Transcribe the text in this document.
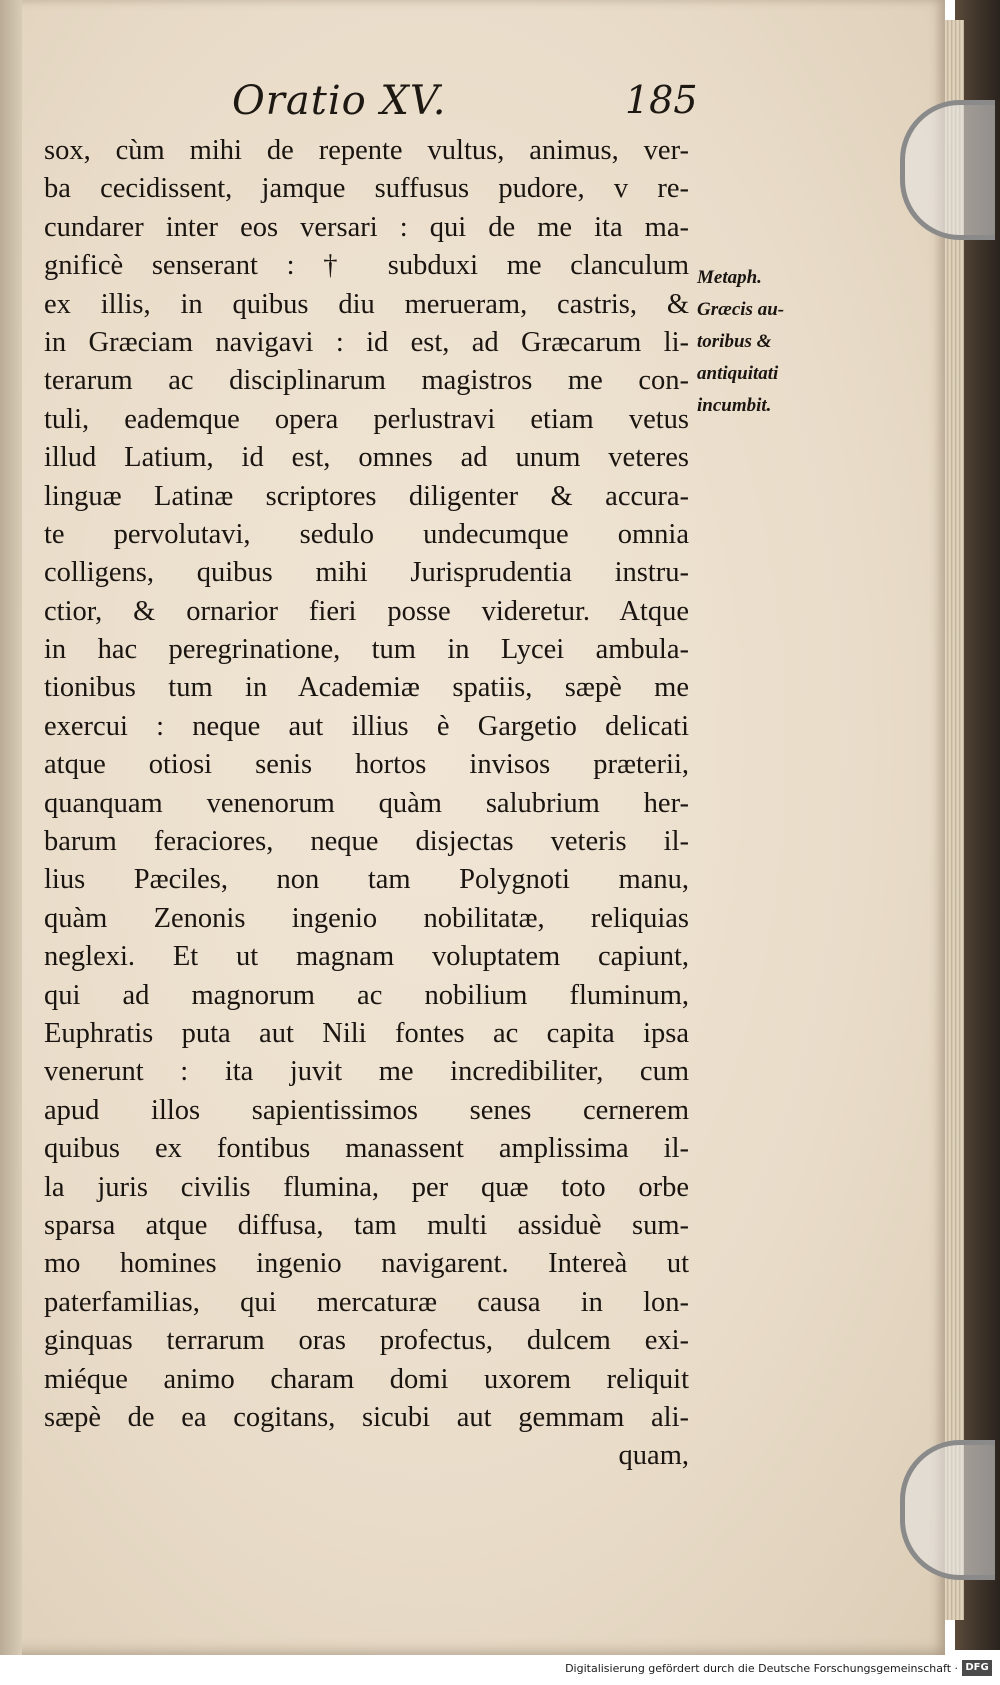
Oratio XV.	185
sox, cùm mihi de repente vultus, animus, ver-
ba cecidissent, jamque suffusus pudore, v re-
cundarer inter eos versari : qui de me ita ma-
gnificè senserant : † subduxi me clanculum
ex illis, in quibus diu merueram, castris, &
in Græciam navigavi : id est, ad Græcarum li-
terarum ac disciplinarum magistros me con-
tuli, eademque opera perlustravi etiam vetus
illud Latium, id est, omnes ad unum veteres
linguæ Latinæ scriptores diligenter & accura-
te pervolutavi, sedulo undecumque omnia
colligens, quibus mihi Jurisprudentia instru-
ctior, & ornarior fieri posse videretur. Atque
in hac peregrinatione, tum in Lycei ambula-
tionibus tum in Academiæ spatiis, sæpè me
exercui : neque aut illius è Gargetio delicati
atque otiosi senis hortos invisos præterii,
quanquam venenorum quàm salubrium her-
barum feraciores, neque disjectas veteris il-
lius Pæciles, non tam Polygnoti manu,
quàm Zenonis ingenio nobilitatæ, reliquias
neglexi. Et ut magnam voluptatem capiunt,
qui ad magnorum ac nobilium fluminum,
Euphratis puta aut Nili fontes ac capita ipsa
venerunt : ita juvit me incredibiliter, cum
apud illos sapientissimos senes cernerem
quibus ex fontibus manassent amplissima il-
la juris civilis flumina, per quæ toto orbe
sparsa atque diffusa, tam multi assiduè sum-
mo homines ingenio navigarent. Intereà ut
paterfamilias, qui mercaturæ causa in lon-
ginquas terrarum oras profectus, dulcem exi-
miéque animo charam domi uxorem reliquit
sæpè de ea cogitans, sicubi aut gemmam ali-
quam,
Metaph.
Græcis au-
toribus &
antiquitati
incumbit.
Digitalisierung gefördert durch die Deutsche Forschungsgemeinschaft · DFG
